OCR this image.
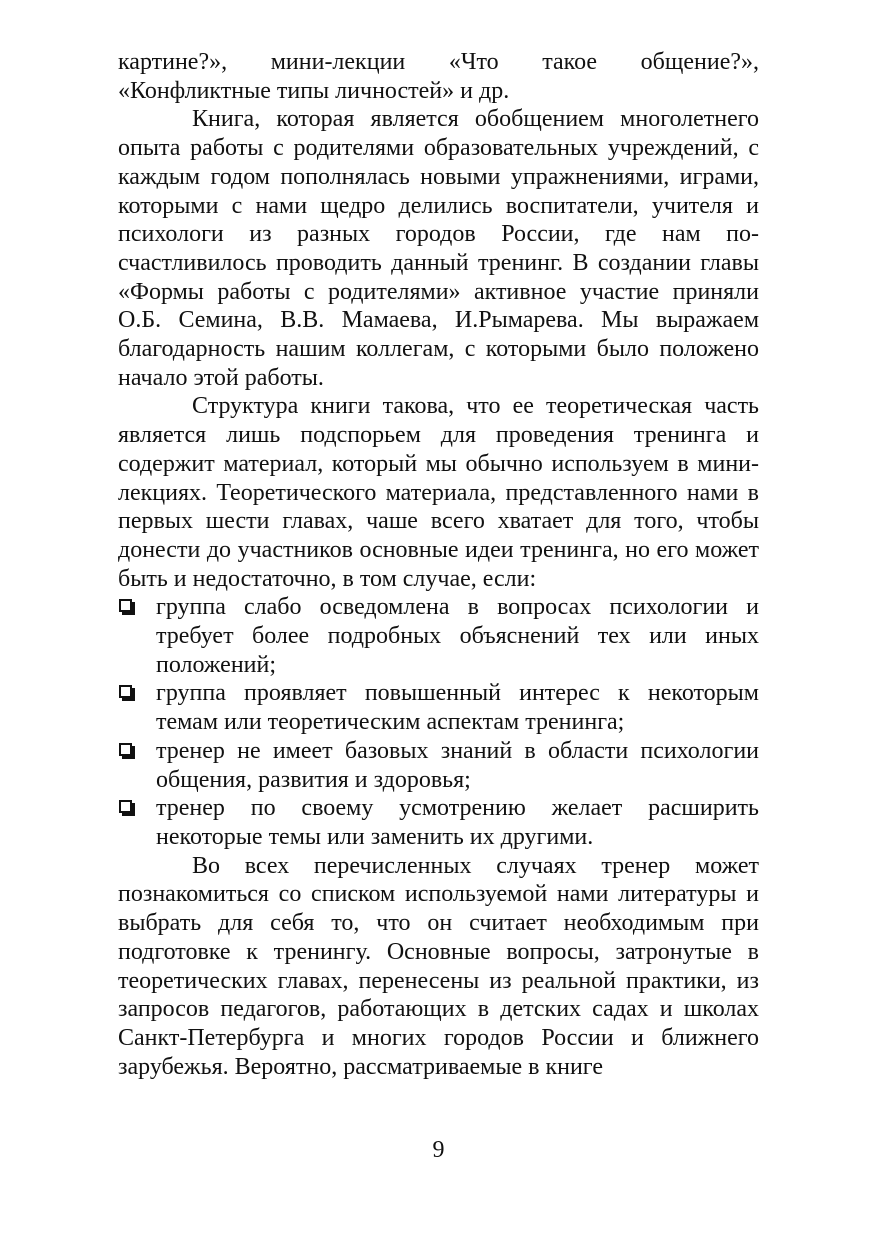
картине?», мини-лекции «Что такое общение?», «Конфликтные типы личностей» и др.

Книга, которая является обобщением многолетнего опыта работы с родителями образовательных учреждений, с каждым годом пополнялась новыми упражнениями, играми, которыми с нами щедро делились воспитатели, учителя и психологи из разных городов России, где нам посчастливилось проводить данный тренинг. В создании главы «Формы работы с родителями» активное участие приняли О.Б. Семина, В.В. Мамаева, И.Рымарева. Мы выражаем благодарность нашим коллегам, с которыми было положено начало этой работы.

Структура книги такова, что ее теоретическая часть является лишь подспорьем для проведения тренинга и содержит материал, который мы обычно используем в мини-лекциях. Теоретического материала, представленного нами в первых шести главах, чаше всего хватает для того, чтобы донести до участников основные идеи тренинга, но его может быть и недостаточно, в том случае, если:

группа слабо осведомлена в вопросах психологии и требует более подробных объяснений тех или иных положений;
группа проявляет повышенный интерес к некоторым темам или теоретическим аспектам тренинга;
тренер не имеет базовых знаний в области психологии общения, развития и здоровья;
тренер по своему усмотрению желает расширить некоторые темы или заменить их другими.

Во всех перечисленных случаях тренер может познакомиться со списком используемой нами литературы и выбрать для себя то, что он считает необходимым при подготовке к тренингу. Основные вопросы, затронутые в теоретических главах, перенесены из реальной практики, из запросов педагогов, работающих в детских садах и школах Санкт-Петербурга и многих городов России и ближнего зарубежья. Вероятно, рассматриваемые в книге

9
